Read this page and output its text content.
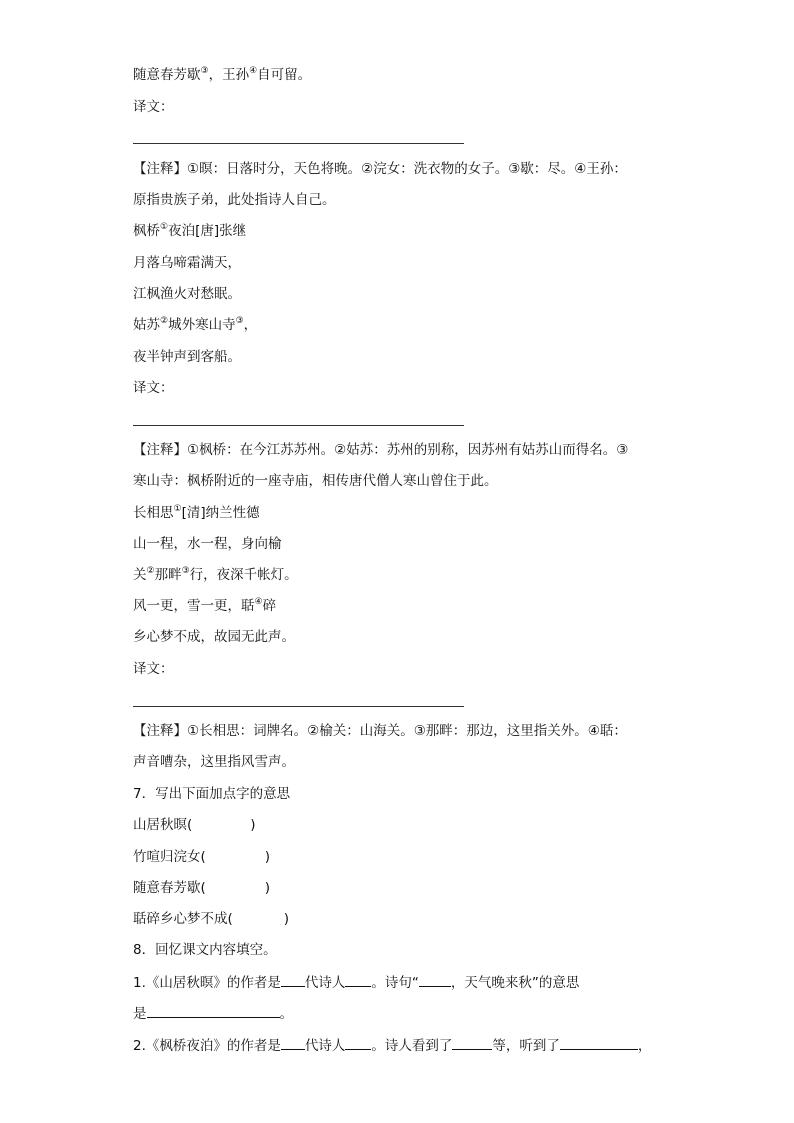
随意春芳歇③，王孙④自可留。
译文：
【注释】①暝：日落时分，天色将晚。②浣女：洗衣物的女子。③歇：尽。④王孙：
原指贵族子弟，此处指诗人自己。
枫桥①夜泊[唐]张继
月落乌啼霜满天，
江枫渔火对愁眠。
姑苏②城外寒山寺③，
夜半钟声到客船。
译文：
【注释】①枫桥：在今江苏苏州。②姑苏：苏州的别称，因苏州有姑苏山而得名。③
寒山寺：枫桥附近的一座寺庙，相传唐代僧人寒山曾住于此。
长相思①[清]纳兰性德
山一程，水一程，身向榆
关②那畔③行，夜深千帐灯。
风一更，雪一更，聒④碎
乡心梦不成，故园无此声。
译文：
【注释】①长相思：词牌名。②榆关：山海关。③那畔：那边，这里指关外。④聒：
声音嘈杂，这里指风雪声。
7．写出下面加点字的意思
山居秋暝(	)
竹喧归浣女(	)
随意春芳歇(	)
聒碎乡心梦不成(	)
8．回忆课文内容填空。
1.《山居秋暝》的作者是 代诗人 。诗句“ ，天气晚来秋”的意思
是	。
2.《枫桥夜泊》的作者是 代诗人 。诗人看到了	等，听到了	，
